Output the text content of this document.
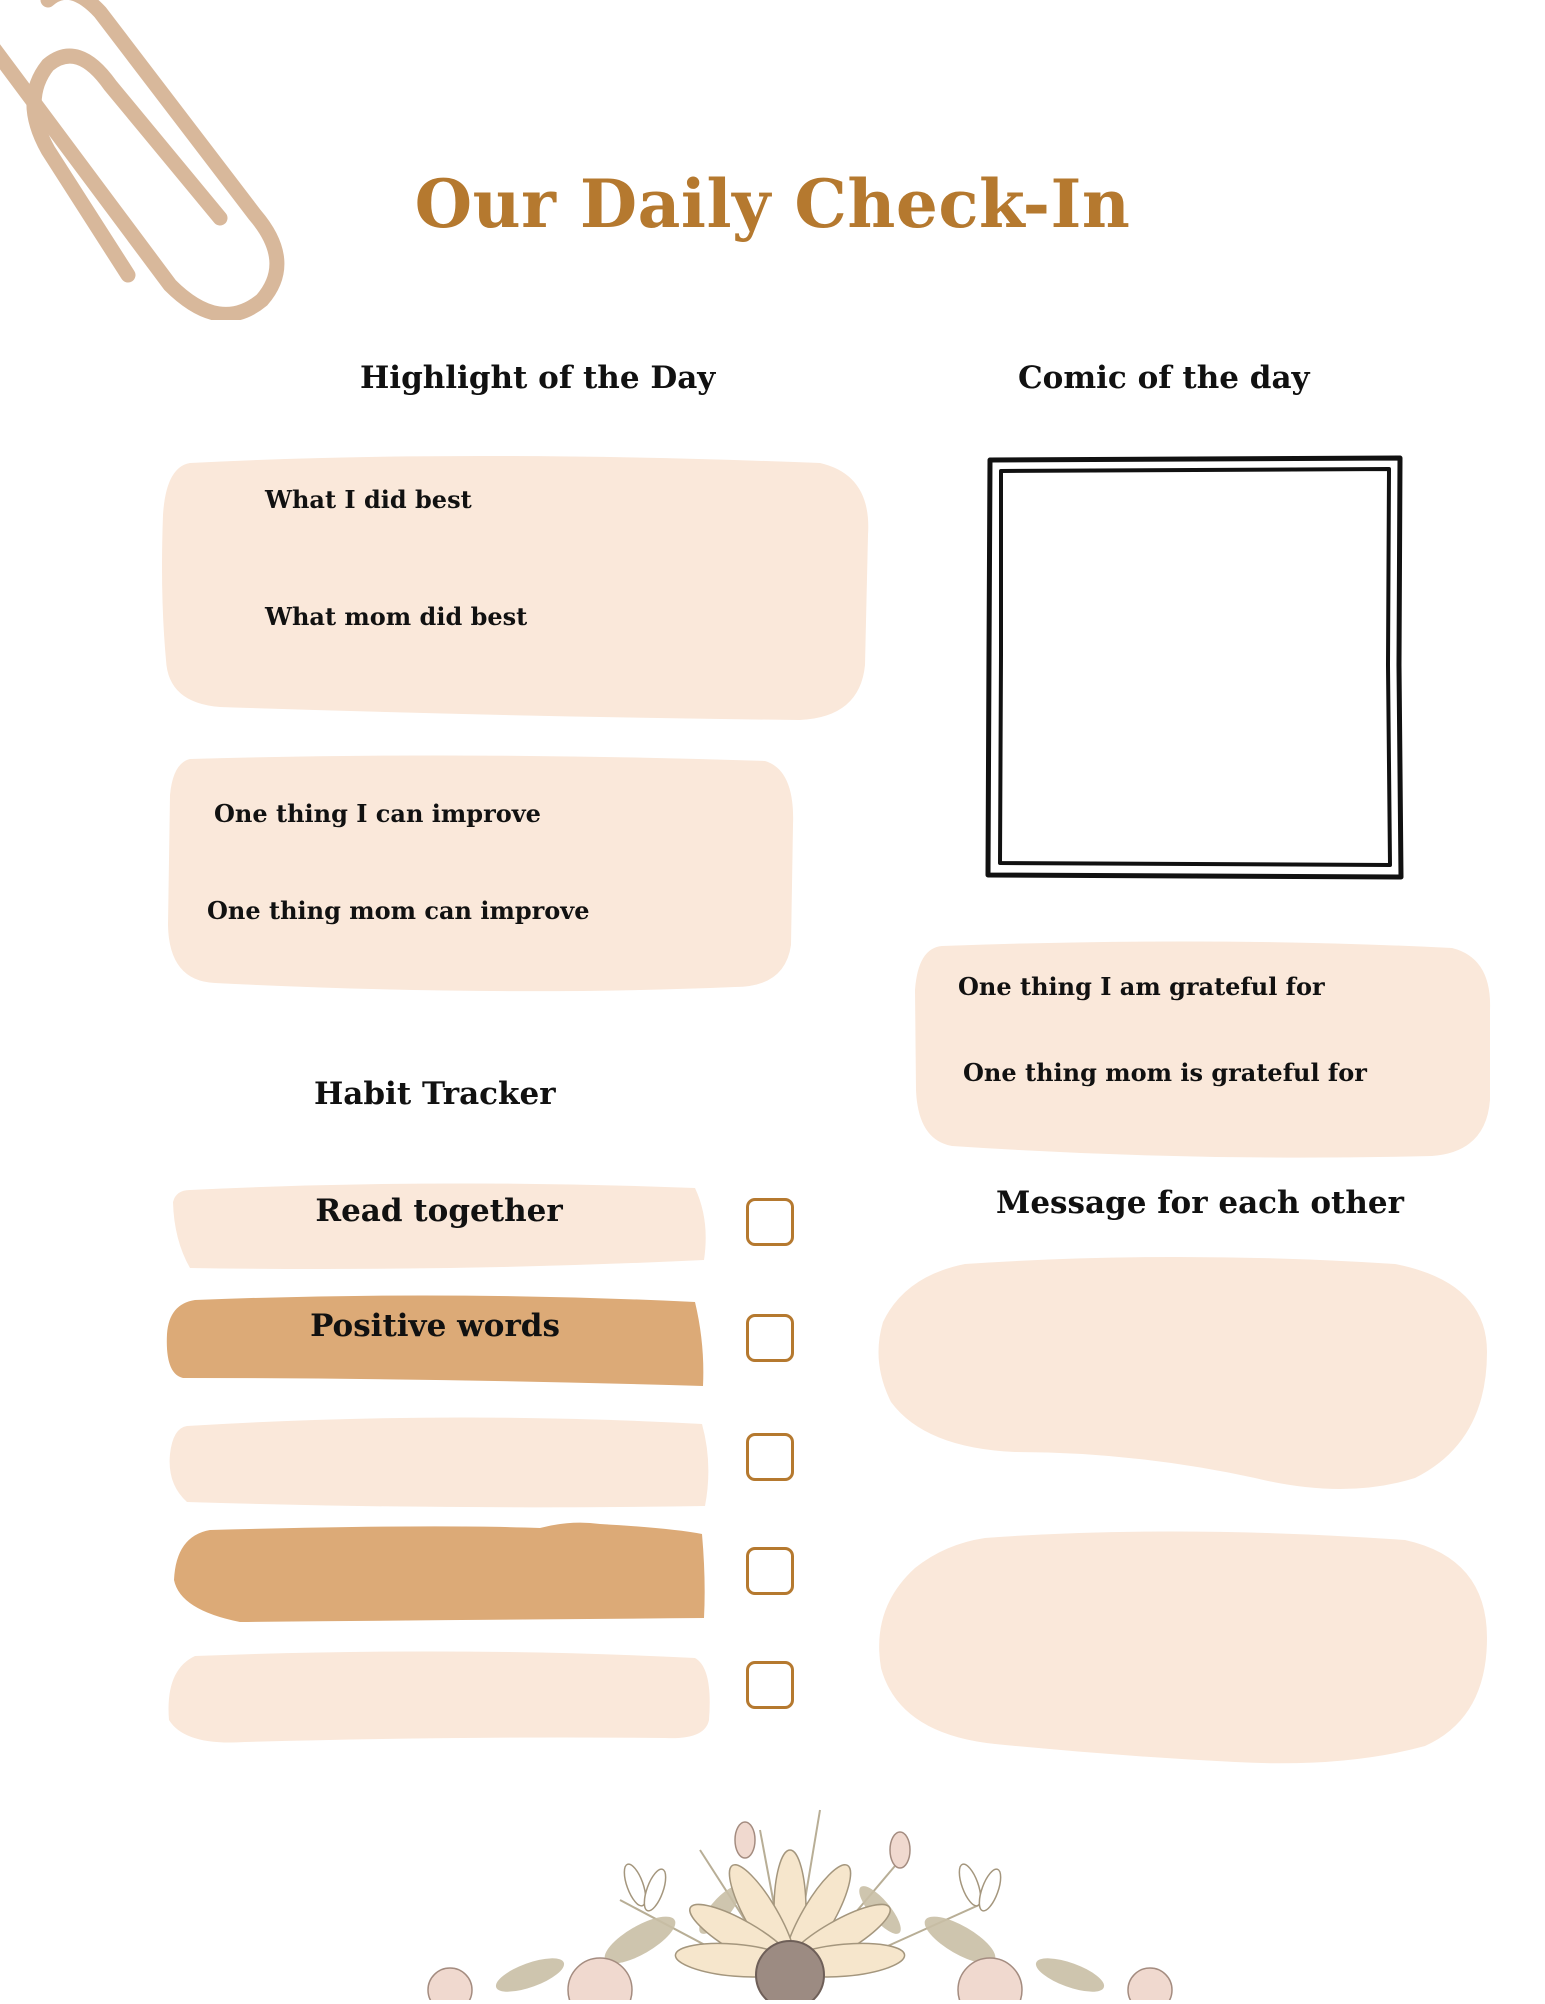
Our Daily Check-In
Highlight of the Day	Comic of the day
What I did best
What mom did best
One thing I can improve
One thing mom can improve
One thing I am grateful for
One thing mom is grateful for
Habit Tracker
Read together
Positive words
Message for each other
